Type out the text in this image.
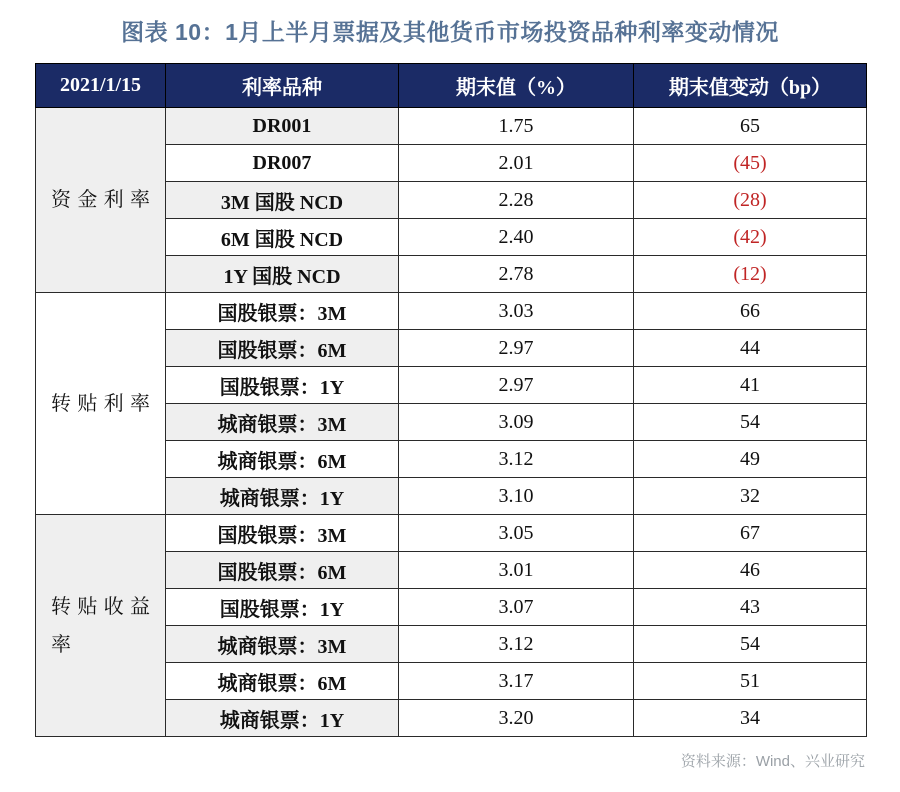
图表 10：1月上半月票据及其他货币市场投资品种利率变动情况
2021/1/15	利率品种	期末值（%）	期末值变动（bp）

资金利率	DR001	1.75	65
	DR007	2.01	(45)
	3M 国股 NCD	2.28	(28)
	6M 国股 NCD	2.40	(42)
	1Y 国股 NCD	2.78	(12)

转贴利率	国股银票：3M	3.03	66
	国股银票：6M	2.97	44
	国股银票：1Y	2.97	41
	城商银票：3M	3.09	54
	城商银票：6M	3.12	49
	城商银票：1Y	3.10	32

转贴收益率	国股银票：3M	3.05	67
	国股银票：6M	3.01	46
	国股银票：1Y	3.07	43
	城商银票：3M	3.12	54
	城商银票：6M	3.17	51
	城商银票：1Y	3.20	34
资料来源：Wind、兴业研究
